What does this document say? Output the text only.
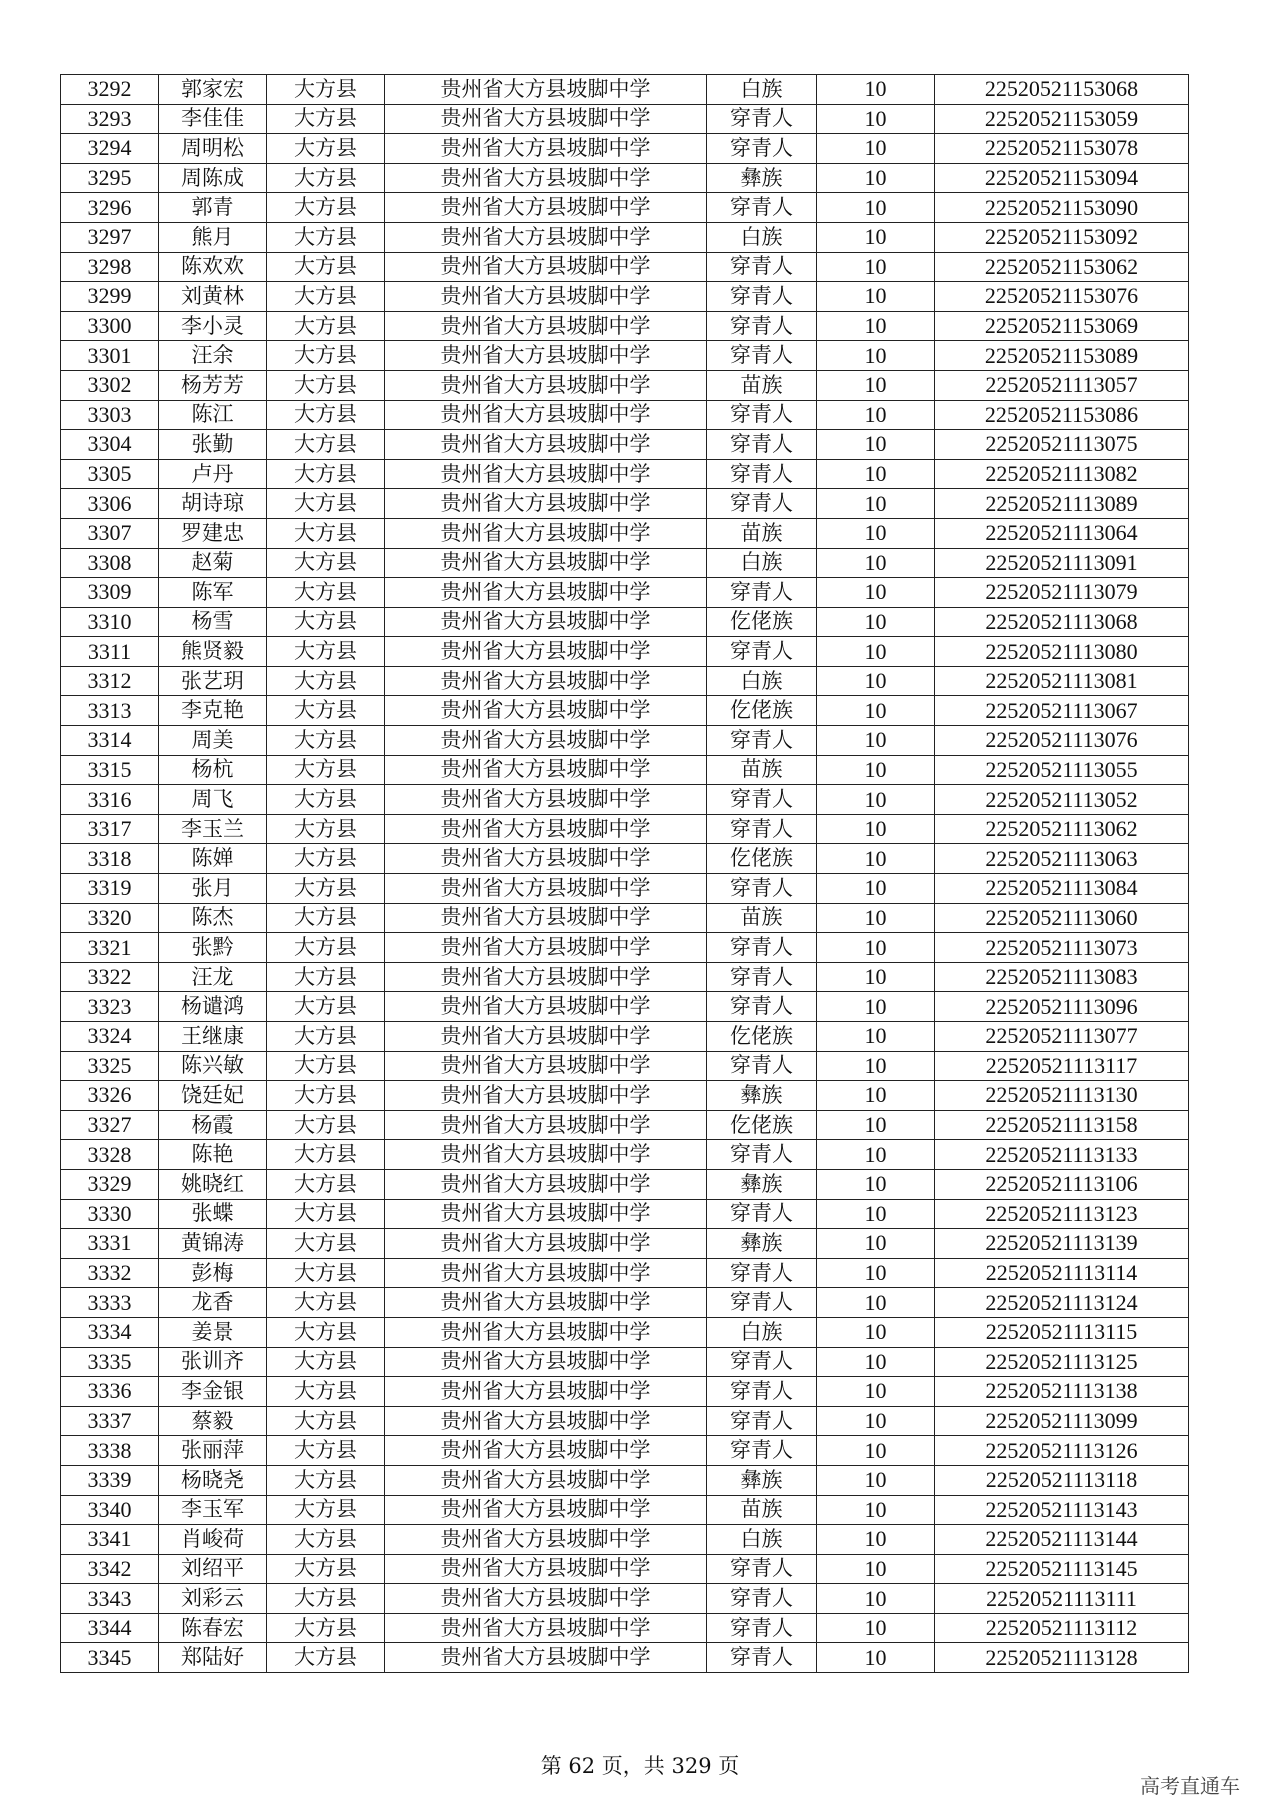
3292	郭家宏	大方县	贵州省大方县坡脚中学	白族	10	22520521153068
3293	李佳佳	大方县	贵州省大方县坡脚中学	穿青人	10	22520521153059
3294	周明松	大方县	贵州省大方县坡脚中学	穿青人	10	22520521153078
3295	周陈成	大方县	贵州省大方县坡脚中学	彝族	10	22520521153094
3296	郭青	大方县	贵州省大方县坡脚中学	穿青人	10	22520521153090
3297	熊月	大方县	贵州省大方县坡脚中学	白族	10	22520521153092
3298	陈欢欢	大方县	贵州省大方县坡脚中学	穿青人	10	22520521153062
3299	刘黄林	大方县	贵州省大方县坡脚中学	穿青人	10	22520521153076
3300	李小灵	大方县	贵州省大方县坡脚中学	穿青人	10	22520521153069
3301	汪余	大方县	贵州省大方县坡脚中学	穿青人	10	22520521153089
3302	杨芳芳	大方县	贵州省大方县坡脚中学	苗族	10	22520521113057
3303	陈江	大方县	贵州省大方县坡脚中学	穿青人	10	22520521153086
3304	张勤	大方县	贵州省大方县坡脚中学	穿青人	10	22520521113075
3305	卢丹	大方县	贵州省大方县坡脚中学	穿青人	10	22520521113082
3306	胡诗琼	大方县	贵州省大方县坡脚中学	穿青人	10	22520521113089
3307	罗建忠	大方县	贵州省大方县坡脚中学	苗族	10	22520521113064
3308	赵菊	大方县	贵州省大方县坡脚中学	白族	10	22520521113091
3309	陈军	大方县	贵州省大方县坡脚中学	穿青人	10	22520521113079
3310	杨雪	大方县	贵州省大方县坡脚中学	仡佬族	10	22520521113068
3311	熊贤毅	大方县	贵州省大方县坡脚中学	穿青人	10	22520521113080
3312	张艺玥	大方县	贵州省大方县坡脚中学	白族	10	22520521113081
3313	李克艳	大方县	贵州省大方县坡脚中学	仡佬族	10	22520521113067
3314	周美	大方县	贵州省大方县坡脚中学	穿青人	10	22520521113076
3315	杨杭	大方县	贵州省大方县坡脚中学	苗族	10	22520521113055
3316	周飞	大方县	贵州省大方县坡脚中学	穿青人	10	22520521113052
3317	李玉兰	大方县	贵州省大方县坡脚中学	穿青人	10	22520521113062
3318	陈婵	大方县	贵州省大方县坡脚中学	仡佬族	10	22520521113063
3319	张月	大方县	贵州省大方县坡脚中学	穿青人	10	22520521113084
3320	陈杰	大方县	贵州省大方县坡脚中学	苗族	10	22520521113060
3321	张黔	大方县	贵州省大方县坡脚中学	穿青人	10	22520521113073
3322	汪龙	大方县	贵州省大方县坡脚中学	穿青人	10	22520521113083
3323	杨谴鸿	大方县	贵州省大方县坡脚中学	穿青人	10	22520521113096
3324	王继康	大方县	贵州省大方县坡脚中学	仡佬族	10	22520521113077
3325	陈兴敏	大方县	贵州省大方县坡脚中学	穿青人	10	22520521113117
3326	饶廷妃	大方县	贵州省大方县坡脚中学	彝族	10	22520521113130
3327	杨霞	大方县	贵州省大方县坡脚中学	仡佬族	10	22520521113158
3328	陈艳	大方县	贵州省大方县坡脚中学	穿青人	10	22520521113133
3329	姚晓红	大方县	贵州省大方县坡脚中学	彝族	10	22520521113106
3330	张蝶	大方县	贵州省大方县坡脚中学	穿青人	10	22520521113123
3331	黄锦涛	大方县	贵州省大方县坡脚中学	彝族	10	22520521113139
3332	彭梅	大方县	贵州省大方县坡脚中学	穿青人	10	22520521113114
3333	龙香	大方县	贵州省大方县坡脚中学	穿青人	10	22520521113124
3334	姜景	大方县	贵州省大方县坡脚中学	白族	10	22520521113115
3335	张训齐	大方县	贵州省大方县坡脚中学	穿青人	10	22520521113125
3336	李金银	大方县	贵州省大方县坡脚中学	穿青人	10	22520521113138
3337	蔡毅	大方县	贵州省大方县坡脚中学	穿青人	10	22520521113099
3338	张丽萍	大方县	贵州省大方县坡脚中学	穿青人	10	22520521113126
3339	杨晓尧	大方县	贵州省大方县坡脚中学	彝族	10	22520521113118
3340	李玉军	大方县	贵州省大方县坡脚中学	苗族	10	22520521113143
3341	肖峻荷	大方县	贵州省大方县坡脚中学	白族	10	22520521113144
3342	刘绍平	大方县	贵州省大方县坡脚中学	穿青人	10	22520521113145
3343	刘彩云	大方县	贵州省大方县坡脚中学	穿青人	10	22520521113111
3344	陈春宏	大方县	贵州省大方县坡脚中学	穿青人	10	22520521113112
3345	郑陆好	大方县	贵州省大方县坡脚中学	穿青人	10	22520521113128
第 62 页，共 329 页
高考直通车
